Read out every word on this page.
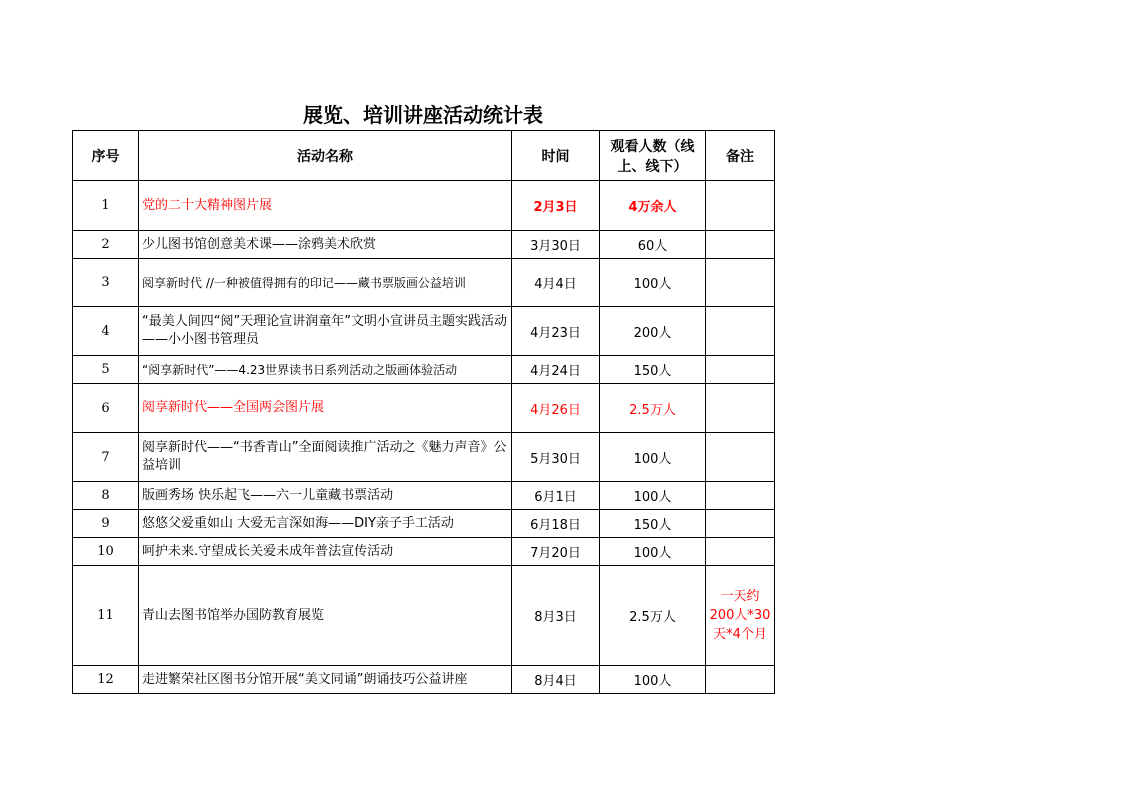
展览、培训讲座活动统计表
序号	活动名称	时间	观看人数（线上、线下）	备注
1	党的二十大精神图片展	2月3日	4万余人	
2	少儿图书馆创意美术课——涂鸦美术欣赏	3月30日	60人	
3	阅享新时代 //一种被值得拥有的印记——藏书票版画公益培训	4月4日	100人	
4	“最美人间四“阅”天理论宣讲润童年”文明小宣讲员主题实践活动——小小图书管理员	4月23日	200人	
5	“阅享新时代”——4.23世界读书日系列活动之版画体验活动	4月24日	150人	
6	阅享新时代——全国两会图片展	4月26日	2.5万人	
7	阅享新时代——“书香青山”全面阅读推广活动之《魅力声音》公益培训	5月30日	100人	
8	版画秀场 快乐起飞——六一儿童藏书票活动	6月1日	100人	
9	悠悠父爱重如山 大爱无言深如海——DIY亲子手工活动	6月18日	150人	
10	呵护未来.守望成长关爱未成年普法宣传活动	7月20日	100人	
11	青山去图书馆举办国防教育展览	8月3日	2.5万人	一天约200人*30天*4个月
12	走进繁荣社区图书分馆开展“美文同诵”朗诵技巧公益讲座	8月4日	100人	
